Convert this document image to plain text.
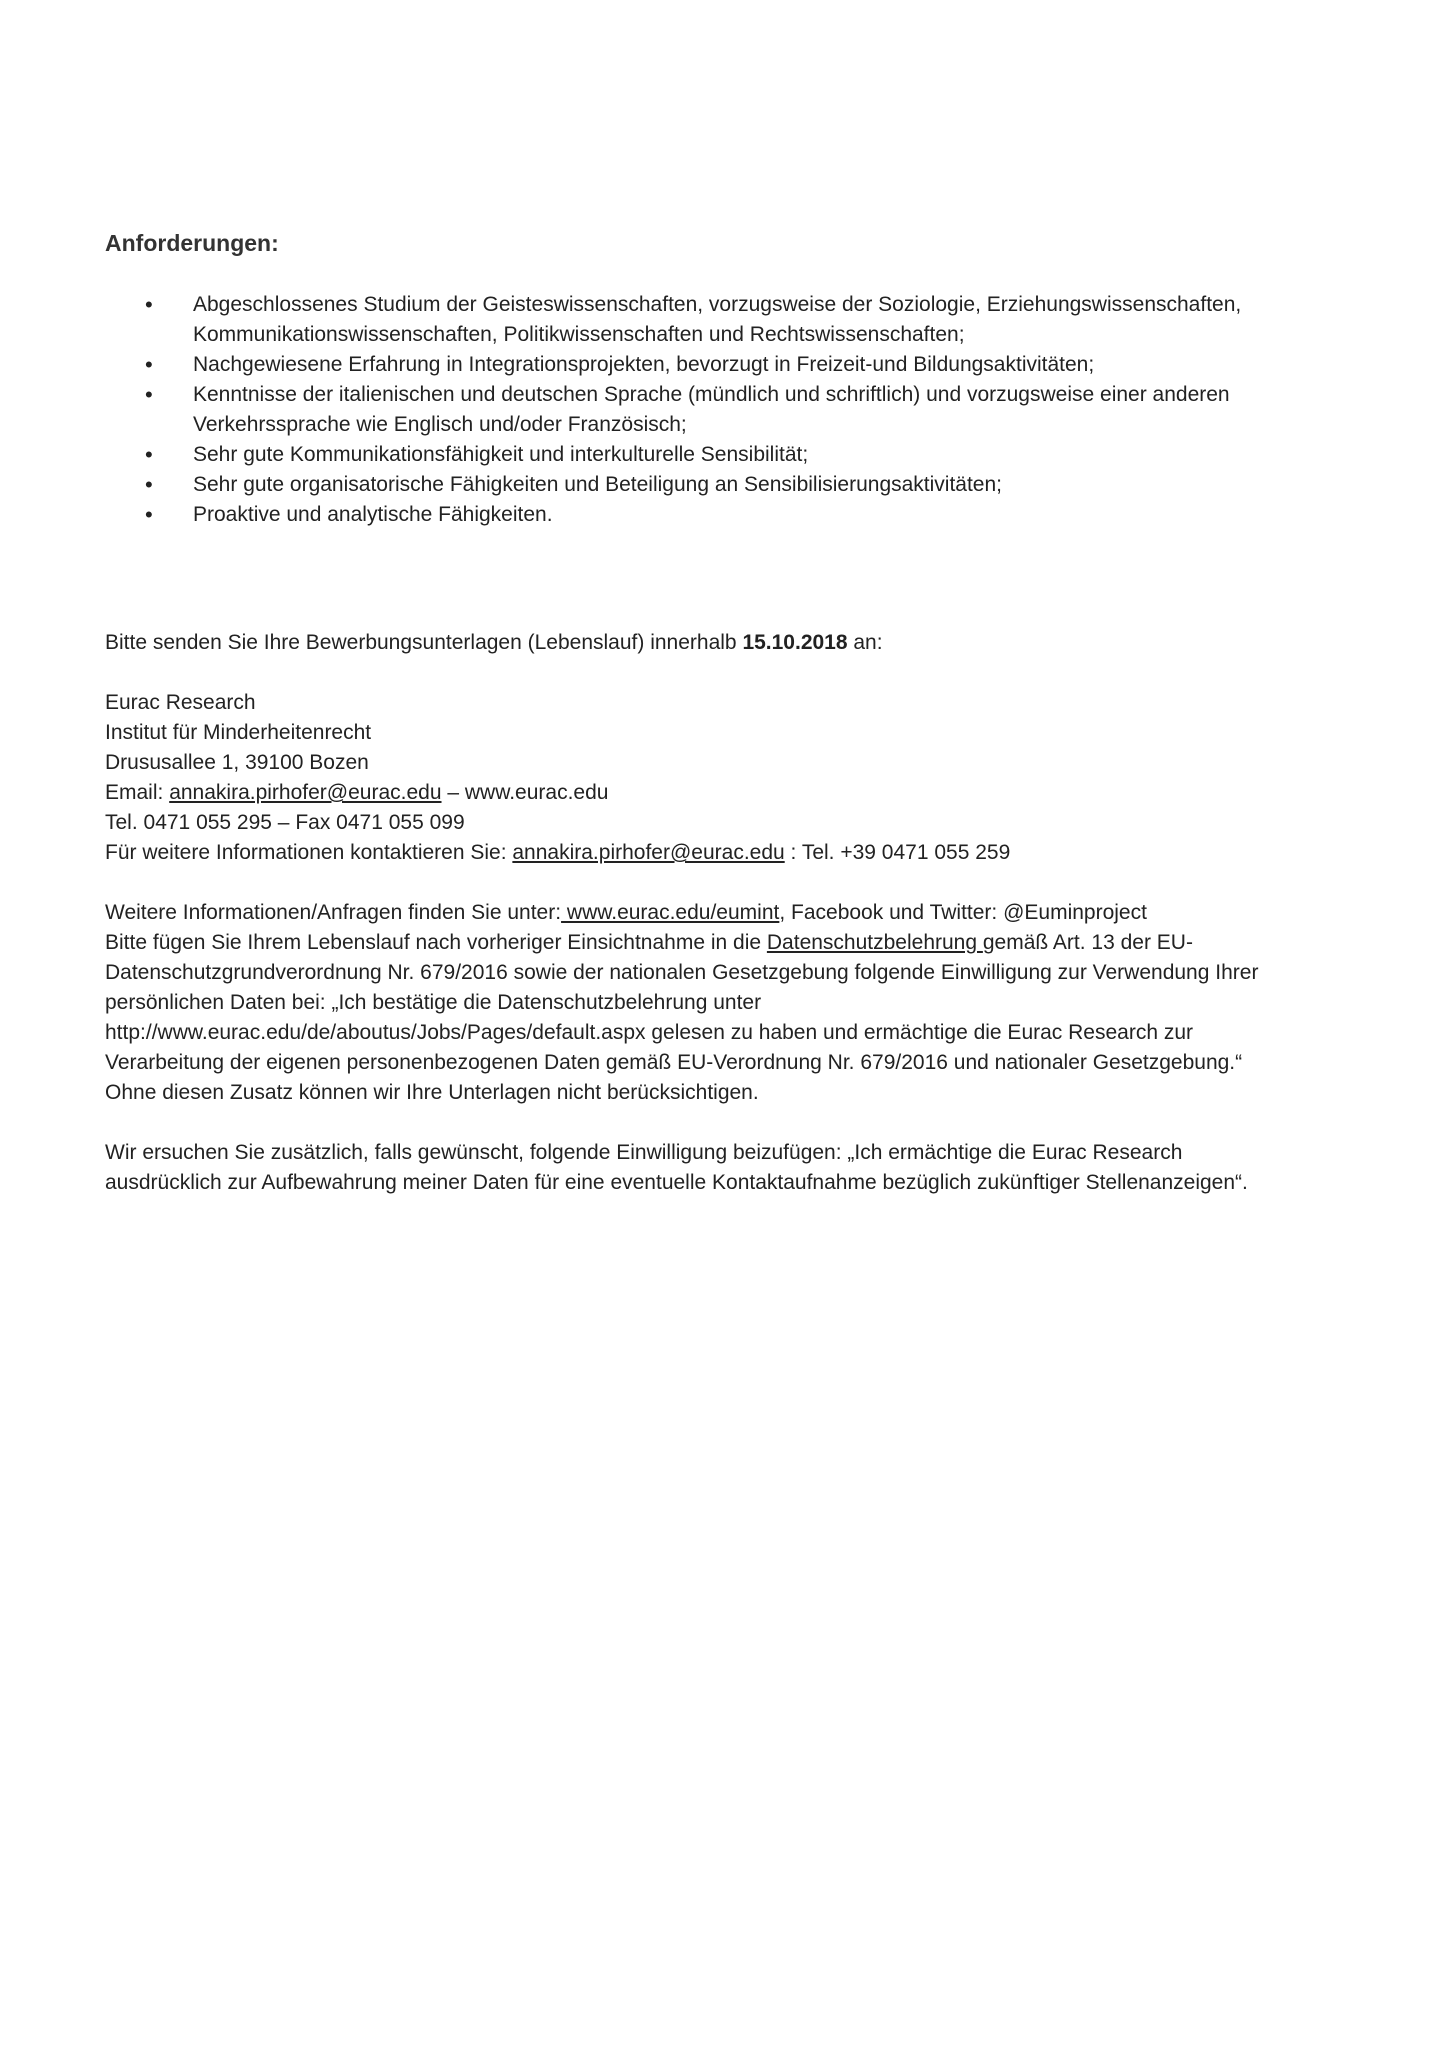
Anforderungen:
• Abgeschlossenes Studium der Geisteswissenschaften, vorzugsweise der Soziologie, Erziehungswissenschaften,
Kommunikationswissenschaften, Politikwissenschaften und Rechtswissenschaften;
• Nachgewiesene Erfahrung in Integrationsprojekten, bevorzugt in Freizeit-und Bildungsaktivitäten;
• Kenntnisse der italienischen und deutschen Sprache (mündlich und schriftlich) und vorzugsweise einer anderen
Verkehrssprache wie Englisch und/oder Französisch;
• Sehr gute Kommunikationsfähigkeit und interkulturelle Sensibilität;
• Sehr gute organisatorische Fähigkeiten und Beteiligung an Sensibilisierungsaktivitäten;
• Proaktive und analytische Fähigkeiten.

Bitte senden Sie Ihre Bewerbungsunterlagen (Lebenslauf) innerhalb 15.10.2018 an:

Eurac Research
Institut für Minderheitenrecht
Drususallee 1, 39100 Bozen
Email: annakira.pirhofer@eurac.edu – www.eurac.edu
Tel. 0471 055 295 – Fax 0471 055 099
Für weitere Informationen kontaktieren Sie: annakira.pirhofer@eurac.edu : Tel. +39 0471 055 259
Weitere Informationen/Anfragen finden Sie unter: www.eurac.edu/eumint, Facebook und Twitter: @Euminproject
Bitte fügen Sie Ihrem Lebenslauf nach vorheriger Einsichtnahme in die Datenschutzbelehrung gemäß Art. 13 der EU-
Datenschutzgrundverordnung Nr. 679/2016 sowie der nationalen Gesetzgebung folgende Einwilligung zur Verwendung Ihrer
persönlichen Daten bei: „Ich bestätige die Datenschutzbelehrung unter
http://www.eurac.edu/de/aboutus/Jobs/Pages/default.aspx gelesen zu haben und ermächtige die Eurac Research zur
Verarbeitung der eigenen personenbezogenen Daten gemäß EU-Verordnung Nr. 679/2016 und nationaler Gesetzgebung.“
Ohne diesen Zusatz können wir Ihre Unterlagen nicht berücksichtigen.
Wir ersuchen Sie zusätzlich, falls gewünscht, folgende Einwilligung beizufügen: „Ich ermächtige die Eurac Research
ausdrücklich zur Aufbewahrung meiner Daten für eine eventuelle Kontaktaufnahme bezüglich zukünftiger Stellenanzeigen“.
